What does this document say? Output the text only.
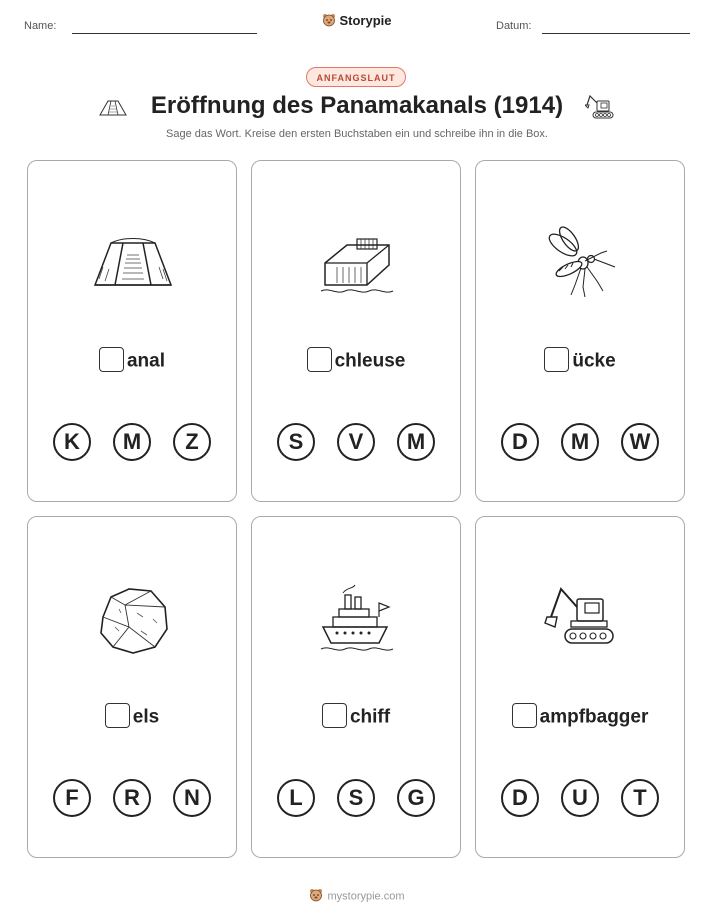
Name:	Storypie	Datum:
ANFANGSLAUT
Eröffnung des Panamakanals (1914)
Sage das Wort. Kreise den ersten Buchstaben ein und schreibe ihn in die Box.
anal
K	M	Z
chleuse
S	V	M
ücke
D	M	W
els
F	R	N
chiff
L	S	G
ampfbagger
D	U	T
mystorypie.com
